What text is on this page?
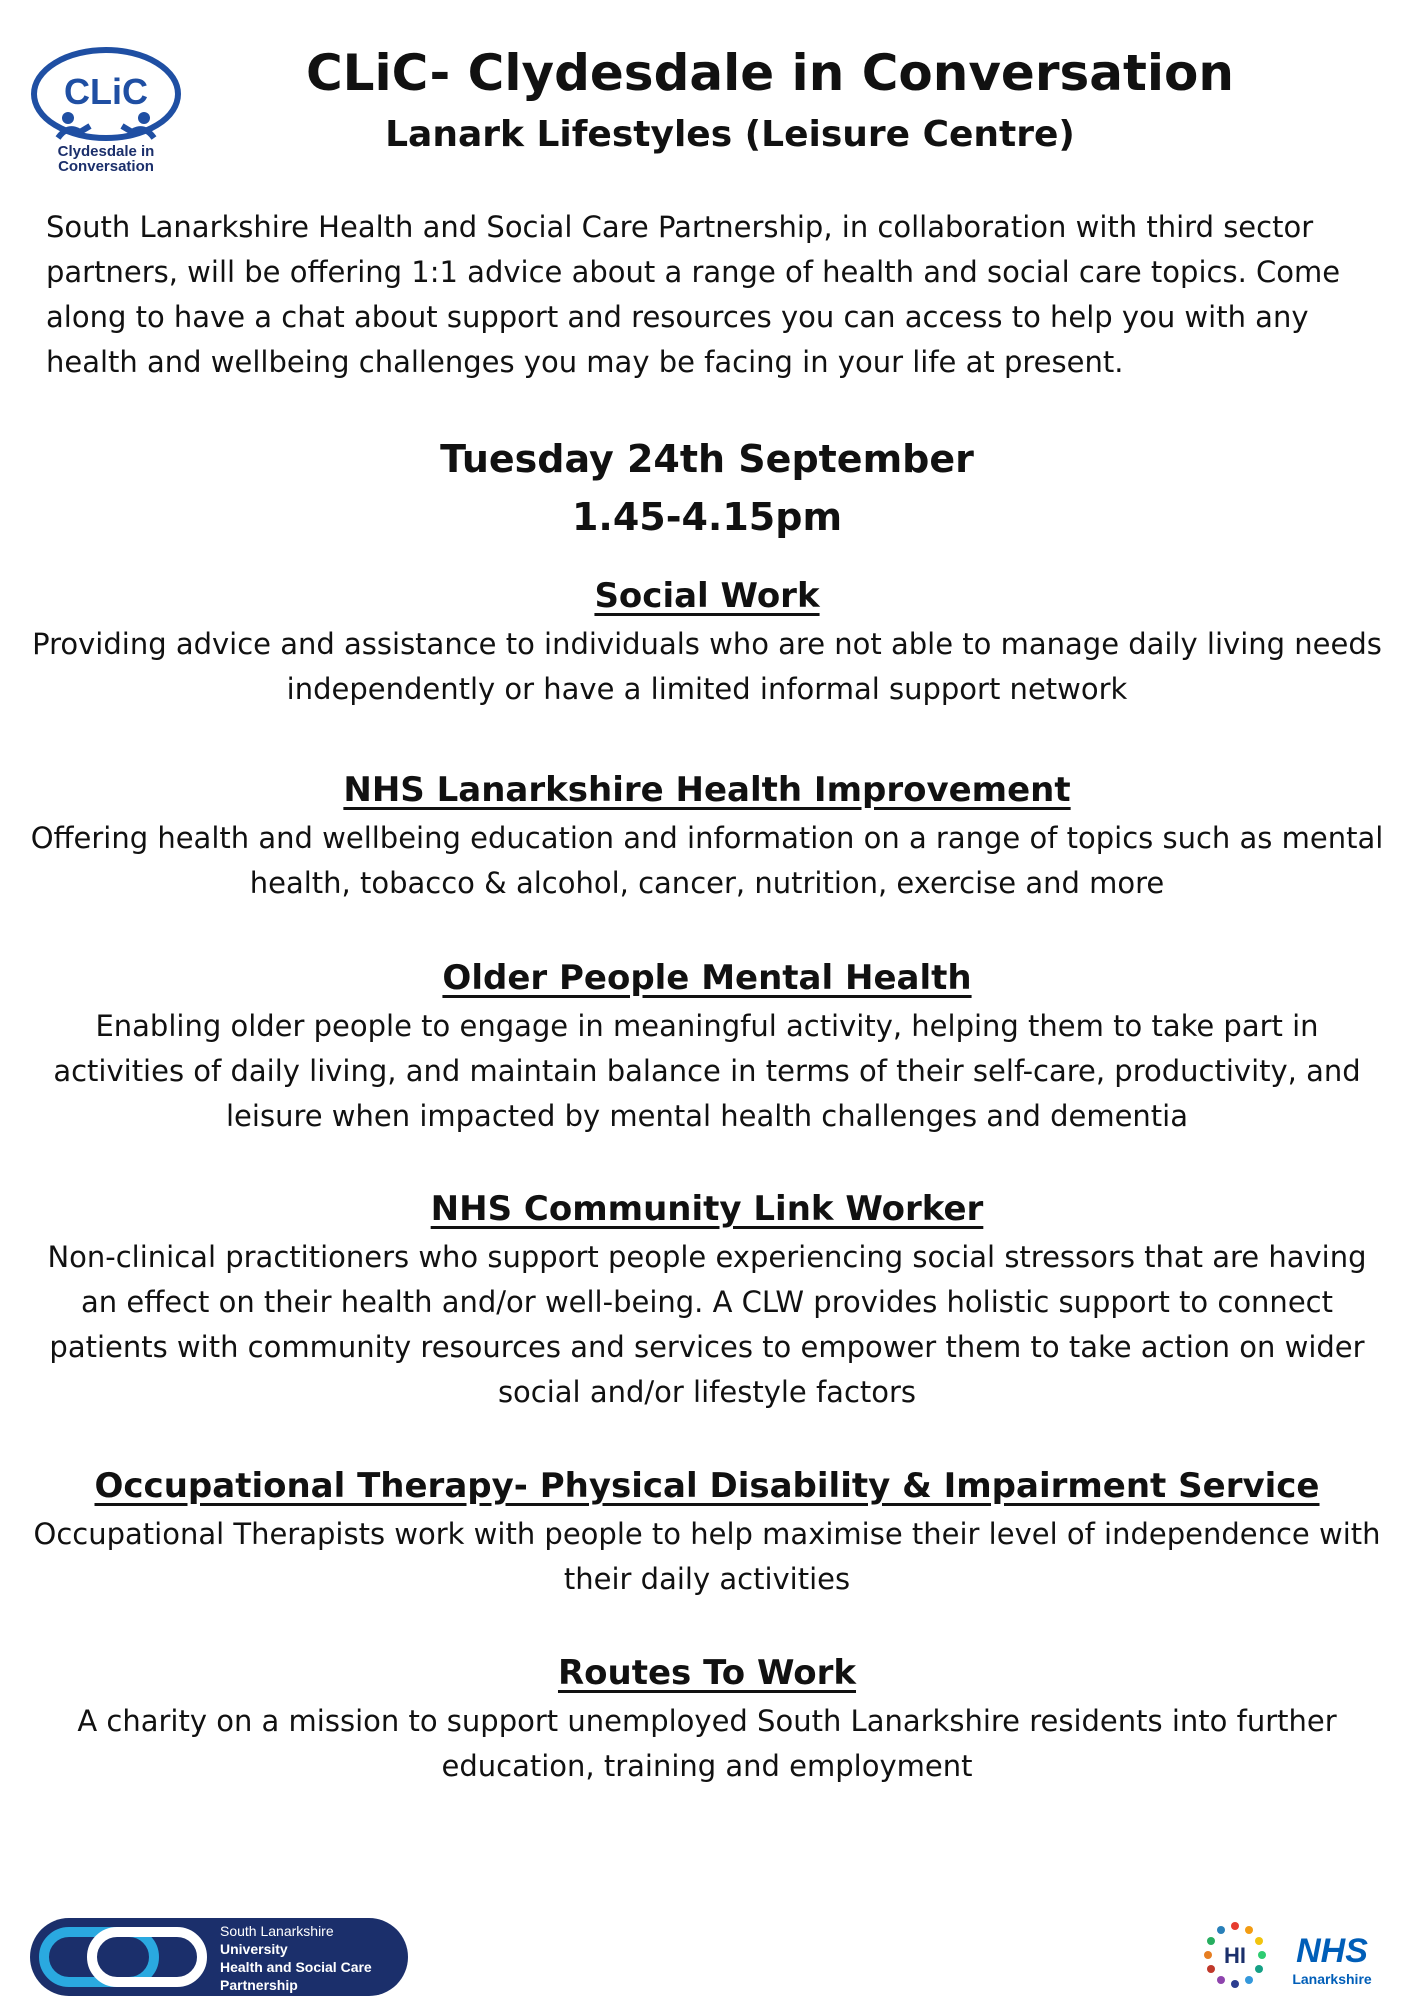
CLiC
Clydesdale in
Conversation
CLiC- Clydesdale in Conversation
Lanark Lifestyles (Leisure Centre)

South Lanarkshire Health and Social Care Partnership, in collaboration with third sector partners, will be offering 1:1 advice about a range of health and social care topics. Come along to have a chat about support and resources you can access to help you with any health and wellbeing challenges you may be facing in your life at present.

Tuesday 24th September

1.45-4.15pm

Social Work

Providing advice and assistance to individuals who are not able to manage daily living needs independently or have a limited informal support network

NHS Lanarkshire Health Improvement

Offering health and wellbeing education and information on a range of topics such as mental health, tobacco & alcohol, cancer, nutrition, exercise and more

Older People Mental Health

Enabling older people to engage in meaningful activity, helping them to take part in activities of daily living, and maintain balance in terms of their self-care, productivity, and leisure when impacted by mental health challenges and dementia

NHS Community Link Worker

Non-clinical practitioners who support people experiencing social stressors that are having an effect on their health and/or well-being. A CLW provides holistic support to connect patients with community resources and services to empower them to take action on wider social and/or lifestyle factors

Occupational Therapy- Physical Disability & Impairment Service

Occupational Therapists work with people to help maximise their level of independence with their daily activities

Routes To Work

A charity on a mission to support unemployed South Lanarkshire residents into further education, training and employment

South Lanarkshire
University
Health and Social Care
Partnership
HI NHS
Lanarkshire
